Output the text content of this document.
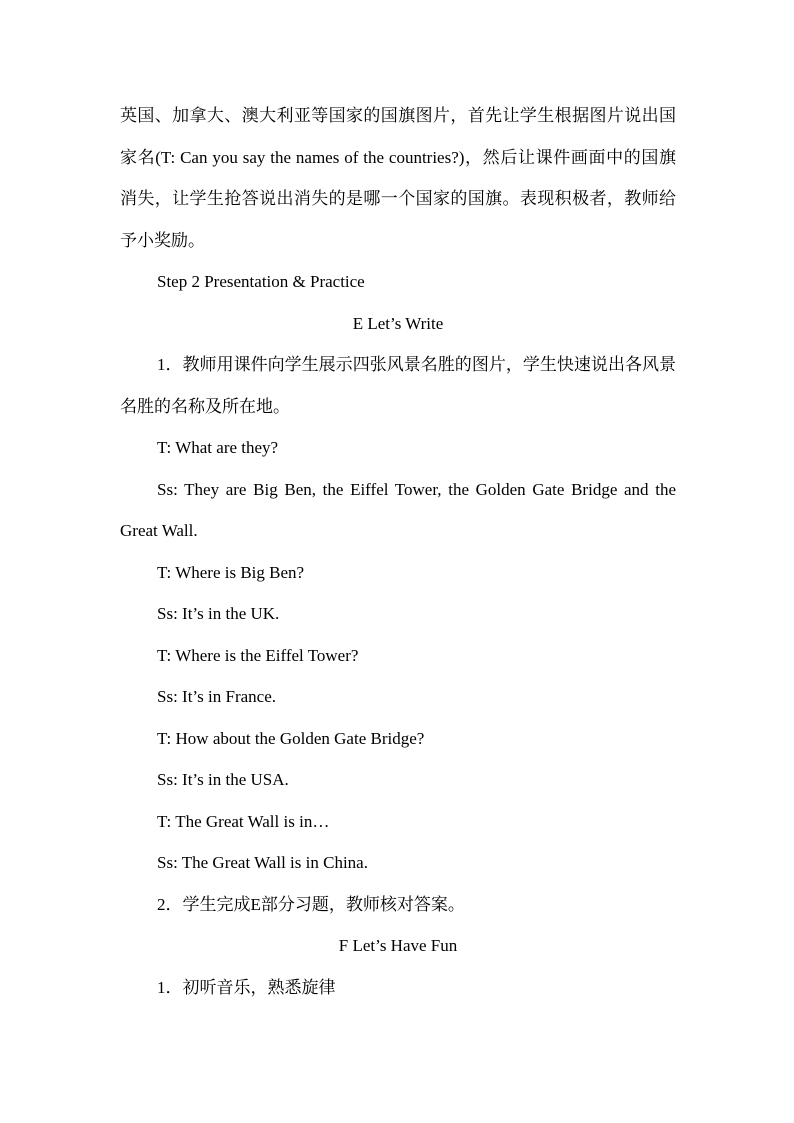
英国、加拿大、澳大利亚等国家的国旗图片，首先让学生根据图片说出国家名(T: Can you say the names of the countries?)，然后让课件画面中的国旗消失，让学生抢答说出消失的是哪一个国家的国旗。表现积极者，教师给予小奖励。

Step 2 Presentation & Practice

E Let’s Write

1．教师用课件向学生展示四张风景名胜的图片，学生快速说出各风景名胜的名称及所在地。

T: What are they?

Ss: They are Big Ben, the Eiffel Tower, the Golden Gate Bridge and the Great Wall.

T: Where is Big Ben?

Ss: It’s in the UK.

T: Where is the Eiffel Tower?

Ss: It’s in France.

T: How about the Golden Gate Bridge?

Ss: It’s in the USA.

T: The Great Wall is in…

Ss: The Great Wall is in China.

2．学生完成E部分习题，教师核对答案。

F Let’s Have Fun

1．初听音乐，熟悉旋律
